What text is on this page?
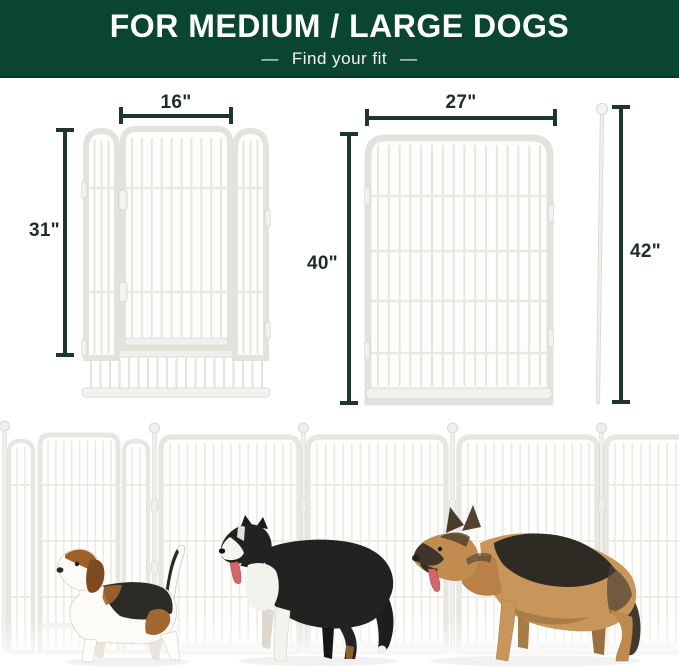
FOR MEDIUM / LARGE DOGS
— Find your fit —
16"
31"
27"
40"
42"
